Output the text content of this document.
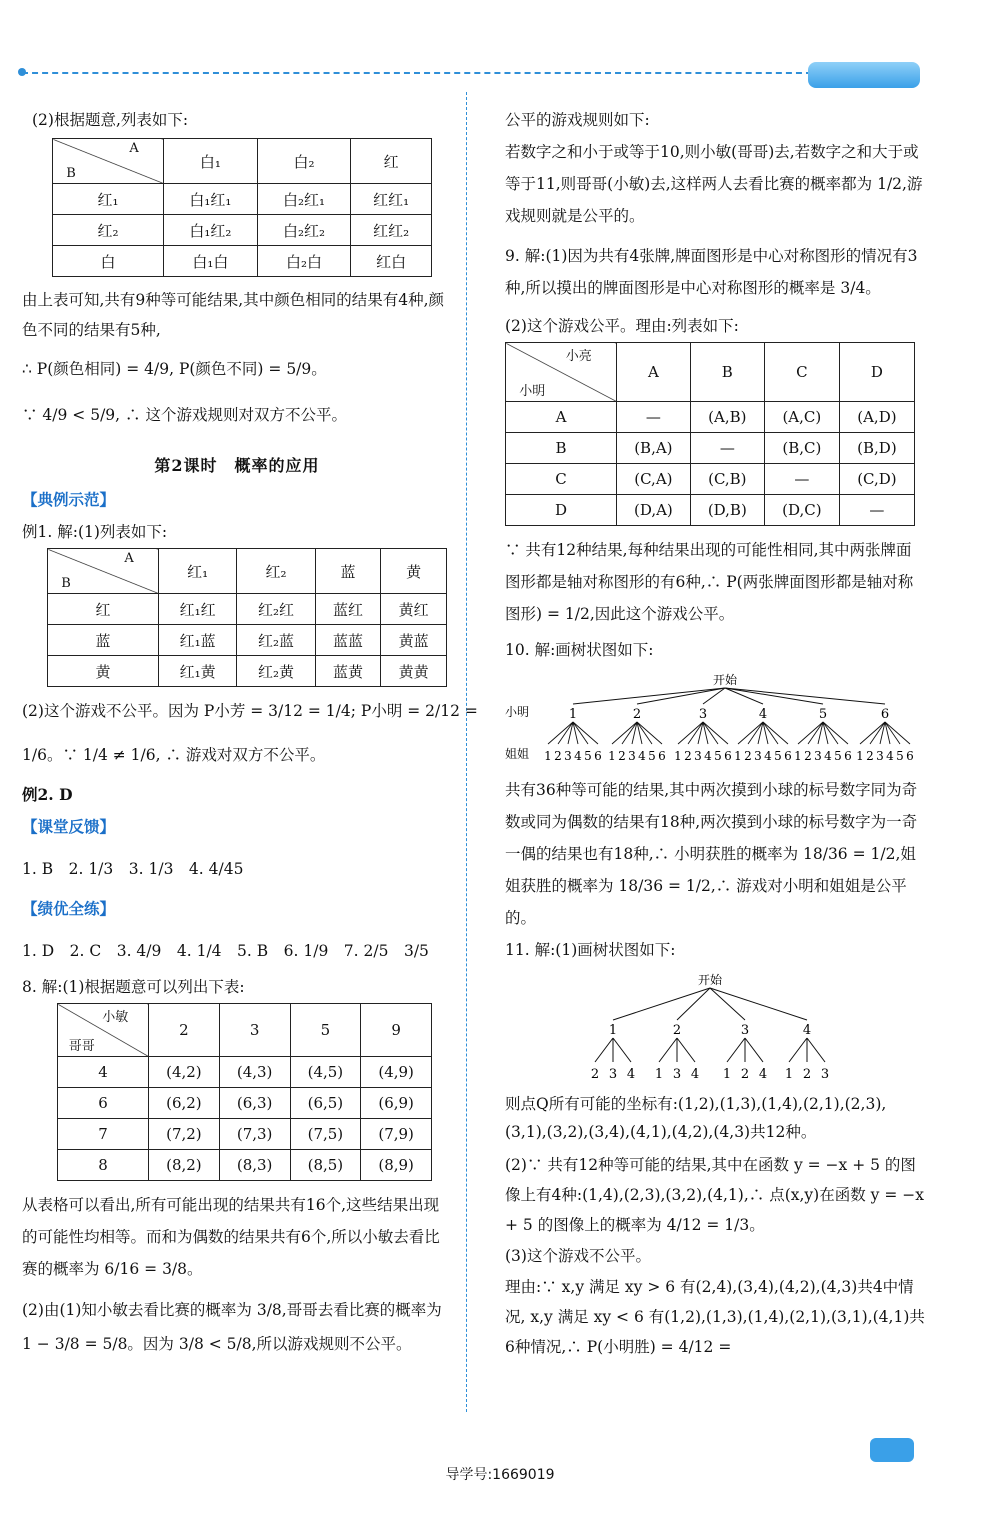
(2)根据题意,列表如下:
A
B	白₁	白₂	红
红₁	白₁红₁	白₂红₁	红红₁
红₂	白₁红₂	白₂红₂	红红₂
白	白₁白	白₂白	红白
由上表可知,共有9种等可能结果,其中颜色相同的结果有4种,颜色不同的结果有5种,
∴ P(颜色相同) = 4/9, P(颜色不同) = 5/9。
∵ 4/9 < 5/9, ∴ 这个游戏规则对双方不公平。
第2课时　概率的应用
【典例示范】
例1. 解:(1)列表如下:
A
B	红₁	红₂	蓝	黄
红	红₁红	红₂红	蓝红	黄红
蓝	红₁蓝	红₂蓝	蓝蓝	黄蓝
黄	红₁黄	红₂黄	蓝黄	黄黄
(2)这个游戏不公平。因为 P小芳 = 3/12 = 1/4; P小明 = 2/12 =
1/6。∵ 1/4 ≠ 1/6, ∴ 游戏对双方不公平。
例2. D
【课堂反馈】
1. B　2. 1/3　3. 1/3　4. 4/45
【绩优全练】
1. D　2. C　3. 4/9　4. 1/4　5. B　6. 1/9　7. 2/5　3/5
8. 解:(1)根据题意可以列出下表:
小敏
哥哥	2	3	5	9
4	(4,2)	(4,3)	(4,5)	(4,9)
6	(6,2)	(6,3)	(6,5)	(6,9)
7	(7,2)	(7,3)	(7,5)	(7,9)
8	(8,2)	(8,3)	(8,5)	(8,9)
从表格可以看出,所有可能出现的结果共有16个,这些结果出现的可能性均相等。而和为偶数的结果共有6个,所以小敏去看比赛的概率为 6/16 = 3/8。
(2)由(1)知小敏去看比赛的概率为 3/8,哥哥去看比赛的概率为 1 − 3/8 = 5/8。因为 3/8 < 5/8,所以游戏规则不公平。
公平的游戏规则如下:
若数字之和小于或等于10,则小敏(哥哥)去,若数字之和大于或等于11,则哥哥(小敏)去,这样两人去看比赛的概率都为 1/2,游戏规则就是公平的。
9. 解:(1)因为共有4张牌,牌面图形是中心对称图形的情况有3种,所以摸出的牌面图形是中心对称图形的概率是 3/4。
(2)这个游戏公平。理由:列表如下:
小亮
小明	A	B	C	D
A	—	(A,B)	(A,C)	(A,D)
B	(B,A)	—	(B,C)	(B,D)
C	(C,A)	(C,B)	—	(C,D)
D	(D,A)	(D,B)	(D,C)	—
∵ 共有12种结果,每种结果出现的可能性相同,其中两张牌面图形都是轴对称图形的有6种,∴ P(两张牌面图形都是轴对称图形) = 1/2,因此这个游戏公平。
10. 解:画树状图如下:
开始
小明
姐姐
1
1 2 3 4 5 6
2
1 2 3 4 5 6
3
1 2 3 4 5 6
4
1 2 3 4 5 6
5
1 2 3 4 5 6
6
1 2 3 4 5 6
共有36种等可能的结果,其中两次摸到小球的标号数字同为奇数或同为偶数的结果有18种,两次摸到小球的标号数字为一奇一偶的结果也有18种,∴ 小明获胜的概率为 18/36 = 1/2,姐姐获胜的概率为 18/36 = 1/2,∴ 游戏对小明和姐姐是公平的。
11. 解:(1)画树状图如下:
开始
1
2 3 4
2
1 3 4
3
1 2 4
4
1 2 3
则点Q所有可能的坐标有:(1,2),(1,3),(1,4),(2,1),(2,3),(3,1),(3,2),(3,4),(4,1),(4,2),(4,3)共12种。
(2)∵ 共有12种等可能的结果,其中在函数 y = −x + 5 的图像上有4种:(1,4),(2,3),(3,2),(4,1),∴ 点(x,y)在函数 y = −x + 5 的图像上的概率为 4/12 = 1/3。
(3)这个游戏不公平。
理由:∵ x,y 满足 xy > 6 有(2,4),(3,4),(4,2),(4,3)共4中情况, x,y 满足 xy < 6 有(1,2),(1,3),(1,4),(2,1),(3,1),(4,1)共6种情况,∴ P(小明胜) = 4/12 =
导学号:1669019
